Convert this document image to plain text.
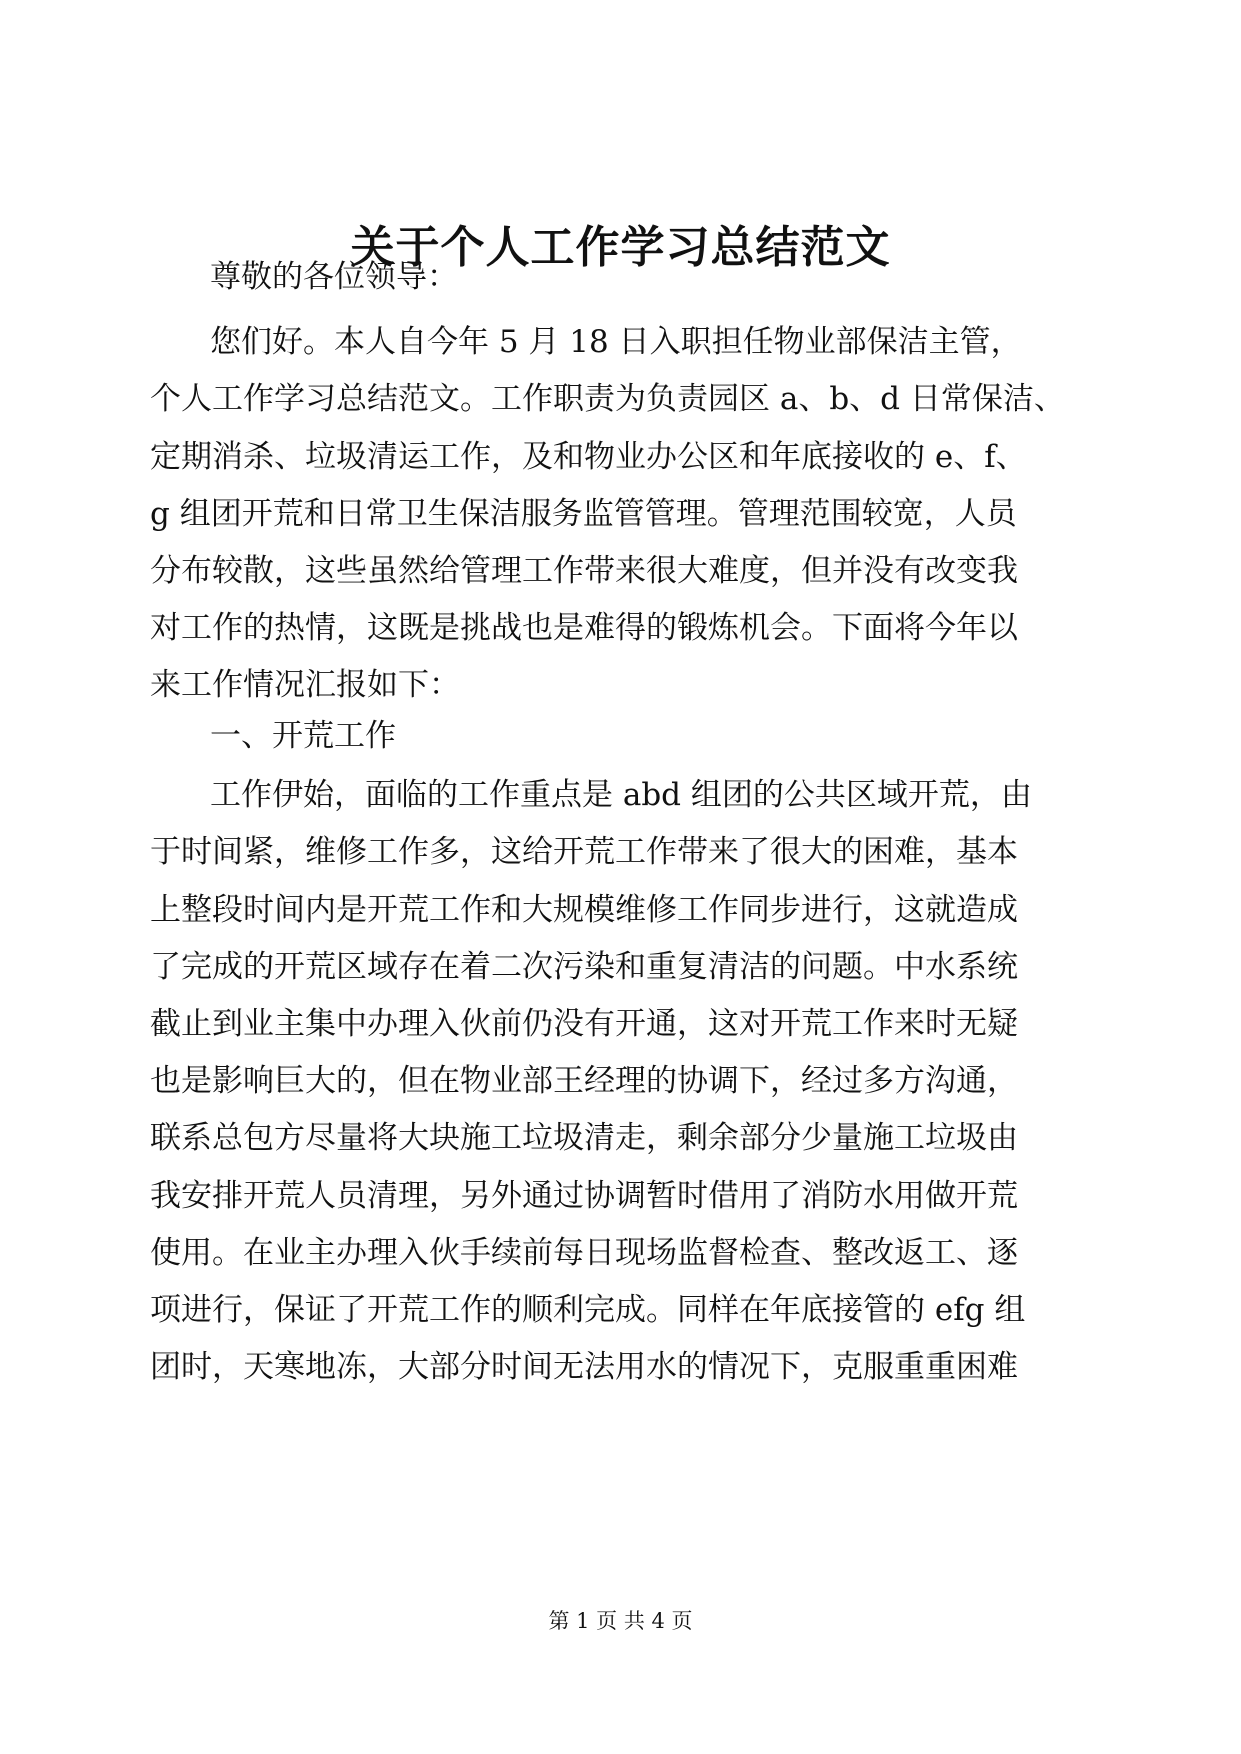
关于个人工作学习总结范文
尊敬的各位领导：
您们好。本人自今年 5 月 18 日入职担任物业部保洁主管，
个人工作学习总结范文。工作职责为负责园区 a、b、d 日常保洁、
定期消杀、垃圾清运工作，及和物业办公区和年底接收的 e、f、
g 组团开荒和日常卫生保洁服务监管管理。管理范围较宽，人员
分布较散，这些虽然给管理工作带来很大难度，但并没有改变我
对工作的热情，这既是挑战也是难得的锻炼机会。下面将今年以
来工作情况汇报如下：
一、开荒工作
工作伊始，面临的工作重点是 abd 组团的公共区域开荒，由
于时间紧，维修工作多，这给开荒工作带来了很大的困难，基本
上整段时间内是开荒工作和大规模维修工作同步进行，这就造成
了完成的开荒区域存在着二次污染和重复清洁的问题。中水系统
截止到业主集中办理入伙前仍没有开通，这对开荒工作来时无疑
也是影响巨大的，但在物业部王经理的协调下，经过多方沟通，
联系总包方尽量将大块施工垃圾清走，剩余部分少量施工垃圾由
我安排开荒人员清理，另外通过协调暂时借用了消防水用做开荒
使用。在业主办理入伙手续前每日现场监督检查、整改返工、逐
项进行，保证了开荒工作的顺利完成。同样在年底接管的 efg 组
团时，天寒地冻，大部分时间无法用水的情况下，克服重重困难
第 1 页 共 4 页
